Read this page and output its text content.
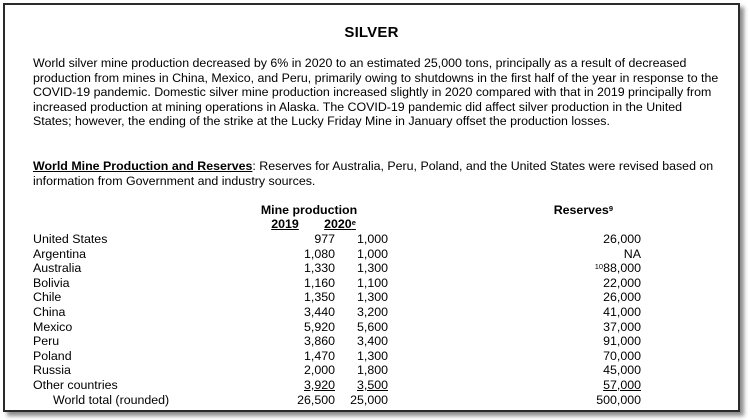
SILVER

World silver mine production decreased by 6% in 2020 to an estimated 25,000 tons, principally as a result of decreased production from mines in China, Mexico, and Peru, primarily owing to shutdowns in the first half of the year in response to the COVID-19 pandemic. Domestic silver mine production increased slightly in 2020 compared with that in 2019 principally from increased production at mining operations in Alaska. The COVID-19 pandemic did affect silver production in the United States; however, the ending of the strike at the Lucky Friday Mine in January offset the production losses.

World Mine Production and Reserves: Reserves for Australia, Peru, Poland, and the United States were revised based on information from Government and industry sources.

Mine production
2019	2020e
Reserves$^9$
United States	977 1,000	26,000
Argentina	1,080 1,000	NA
Australia	1,330 1,300	$^{10}$88,000
Bolivia	1,160 1,100	22,000
Chile	1,350 1,300	26,000
China	3,440 3,200	41,000
Mexico	5,920 5,600	37,000
Peru	3,860 3,400	91,000
Poland	1,470 1,300	70,000
Russia	2,000 1,800	45,000
Other countries	3,920 3,500	57,000
World total (rounded)	26,500 25,000	500,000
